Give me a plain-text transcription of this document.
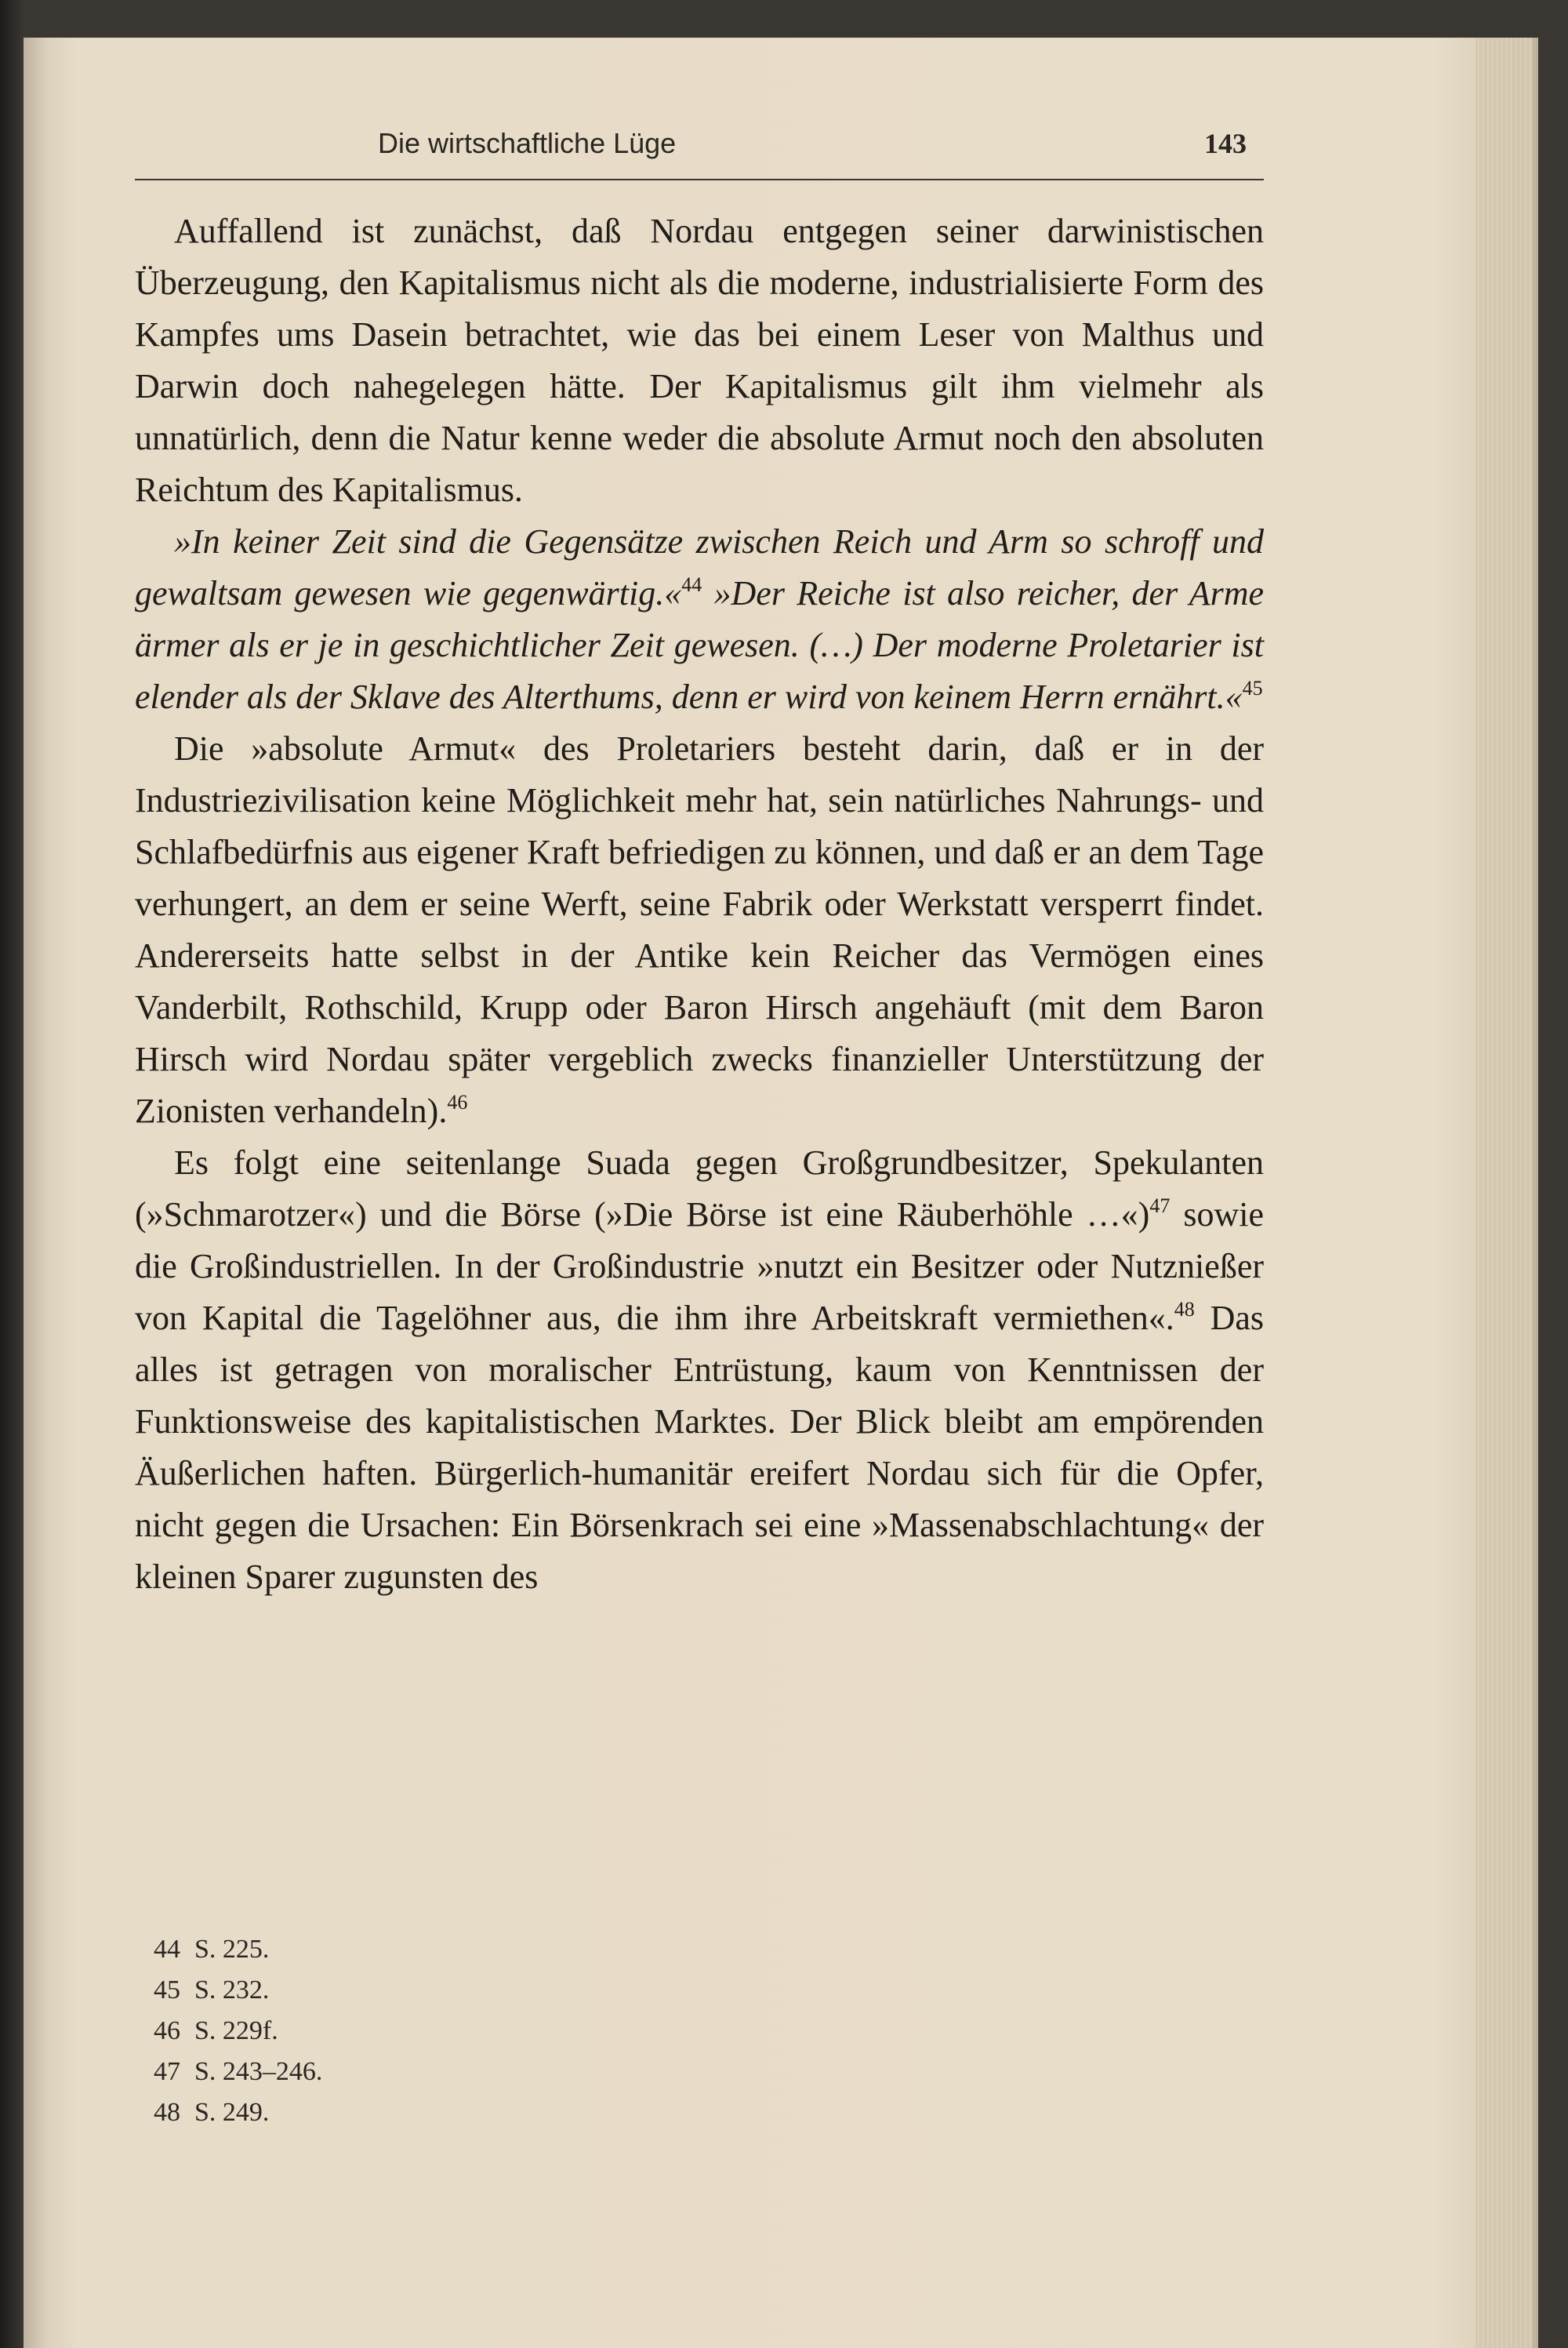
Die wirtschaftliche Lüge	143

Auffallend ist zunächst, daß Nordau entgegen seiner darwinistischen Überzeugung, den Kapitalismus nicht als die moderne, industrialisierte Form des Kampfes ums Dasein betrachtet, wie das bei einem Leser von Malthus und Darwin doch nahegelegen hätte. Der Kapitalismus gilt ihm vielmehr als unnatürlich, denn die Natur kenne weder die absolute Armut noch den absoluten Reichtum des Kapitalismus.

»In keiner Zeit sind die Gegensätze zwischen Reich und Arm so schroff und gewaltsam gewesen wie gegenwärtig.«$^{44}$ »Der Reiche ist also reicher, der Arme ärmer als er je in geschichtlicher Zeit gewesen. (…) Der moderne Proletarier ist elender als der Sklave des Alterthums, denn er wird von keinem Herrn ernährt.«$^{45}$

Die »absolute Armut« des Proletariers besteht darin, daß er in der Industriezivilisation keine Möglichkeit mehr hat, sein natürliches Nahrungs- und Schlafbedürfnis aus eigener Kraft befriedigen zu können, und daß er an dem Tage verhungert, an dem er seine Werft, seine Fabrik oder Werkstatt versperrt findet. Andererseits hatte selbst in der Antike kein Reicher das Vermögen eines Vanderbilt, Rothschild, Krupp oder Baron Hirsch angehäuft (mit dem Baron Hirsch wird Nordau später vergeblich zwecks finanzieller Unterstützung der Zionisten verhandeln).$^{46}$

Es folgt eine seitenlange Suada gegen Großgrundbesitzer, Spekulanten (»Schmarotzer«) und die Börse (»Die Börse ist eine Räuberhöhle …«)$^{47}$ sowie die Großindustriellen. In der Großindustrie »nutzt ein Besitzer oder Nutznießer von Kapital die Tagelöhner aus, die ihm ihre Arbeitskraft vermiethen«.$^{48}$ Das alles ist getragen von moralischer Entrüstung, kaum von Kenntnissen der Funktionsweise des kapitalistischen Marktes. Der Blick bleibt am empörenden Äußerlichen haften. Bürgerlich-humanitär ereifert Nordau sich für die Opfer, nicht gegen die Ursachen: Ein Börsenkrach sei eine »Massenabschlachtung« der kleinen Sparer zugunsten des

44 S. 225.
45 S. 232.
46 S. 229f.
47 S. 243–246.
48 S. 249.
